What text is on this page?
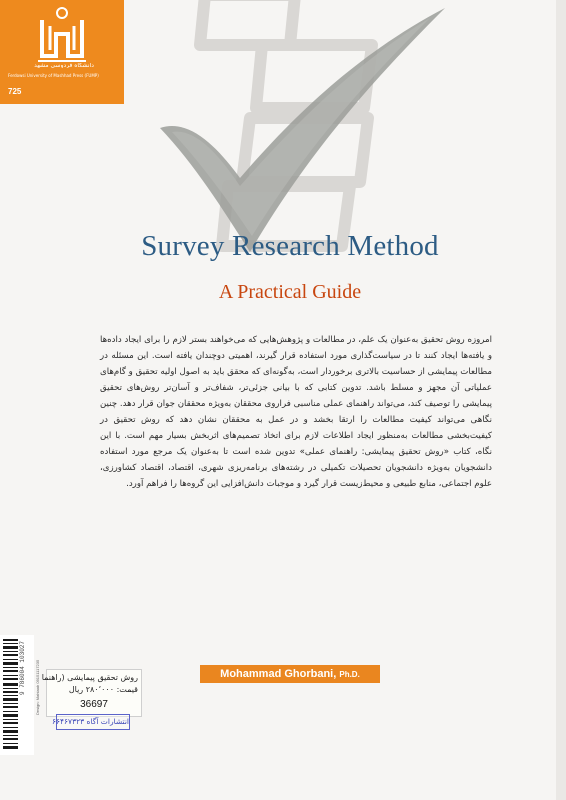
دانشگاه فردوسی مشهد
Ferdowsi University of Mashhad Press (FUMP)
725
Survey Research Method
A Practical Guide

امروزه روش تحقیق به‌عنوان یک علم، در مطالعات و پژوهش‌هایی که می‌خواهند بستر لازم را برای ایجاد داده‌ها و یافته‌ها ایجاد کنند تا در سیاست‌گذاری مورد استفاده قرار گیرند، اهمیتی دوچندان یافته است. این مسئله در مطالعات پیمایشی از حساسیت بالاتری برخوردار است، به‌گونه‌ای که محقق باید به اصول اولیه تحقیق و گام‌های عملیاتی آن مجهز و مسلط باشد. تدوین کتابی که با بیانی جزئی‌تر، شفاف‌تر و آسان‌تر روش‌های تحقیق پیمایشی را توصیف کند، می‌تواند راهنمای عملی مناسبی فراروی محققان به‌ویژه محققان جوان قرار دهد. چنین نگاهی می‌تواند کیفیت مطالعات را ارتقا بخشد و در عمل به محققان نشان دهد که روش تحقیق در کیفیت‌بخشی مطالعات به‌منظور ایجاد اطلاعات لازم برای اتخاذ تصمیم‌های اثربخش بسیار مهم است. با این نگاه، کتاب «روش تحقیق پیمایشی: راهنمای عملی» تدوین شده است تا به‌عنوان یک مرجع مورد استفاده دانشجویان به‌ویژه دانشجویان تحصیلات تکمیلی در رشته‌های برنامه‌ریزی شهری، اقتصاد، اقتصاد کشاورزی، علوم اجتماعی، منابع طبیعی و محیط‌زیست قرار گیرد و موجبات دانش‌افزایی این گروه‌ها را فراهم آورد.

Mohammad Ghorbani, Ph.D.
9 786004 103027 Design: Mahtaab 09151117235 روش تحقیق پیمایشی (راهنما
قیمت: ۲۸۰٬۰۰۰ ریال
36697
انتشارات آگاه ۶۶۴۶۷۳۲۳
